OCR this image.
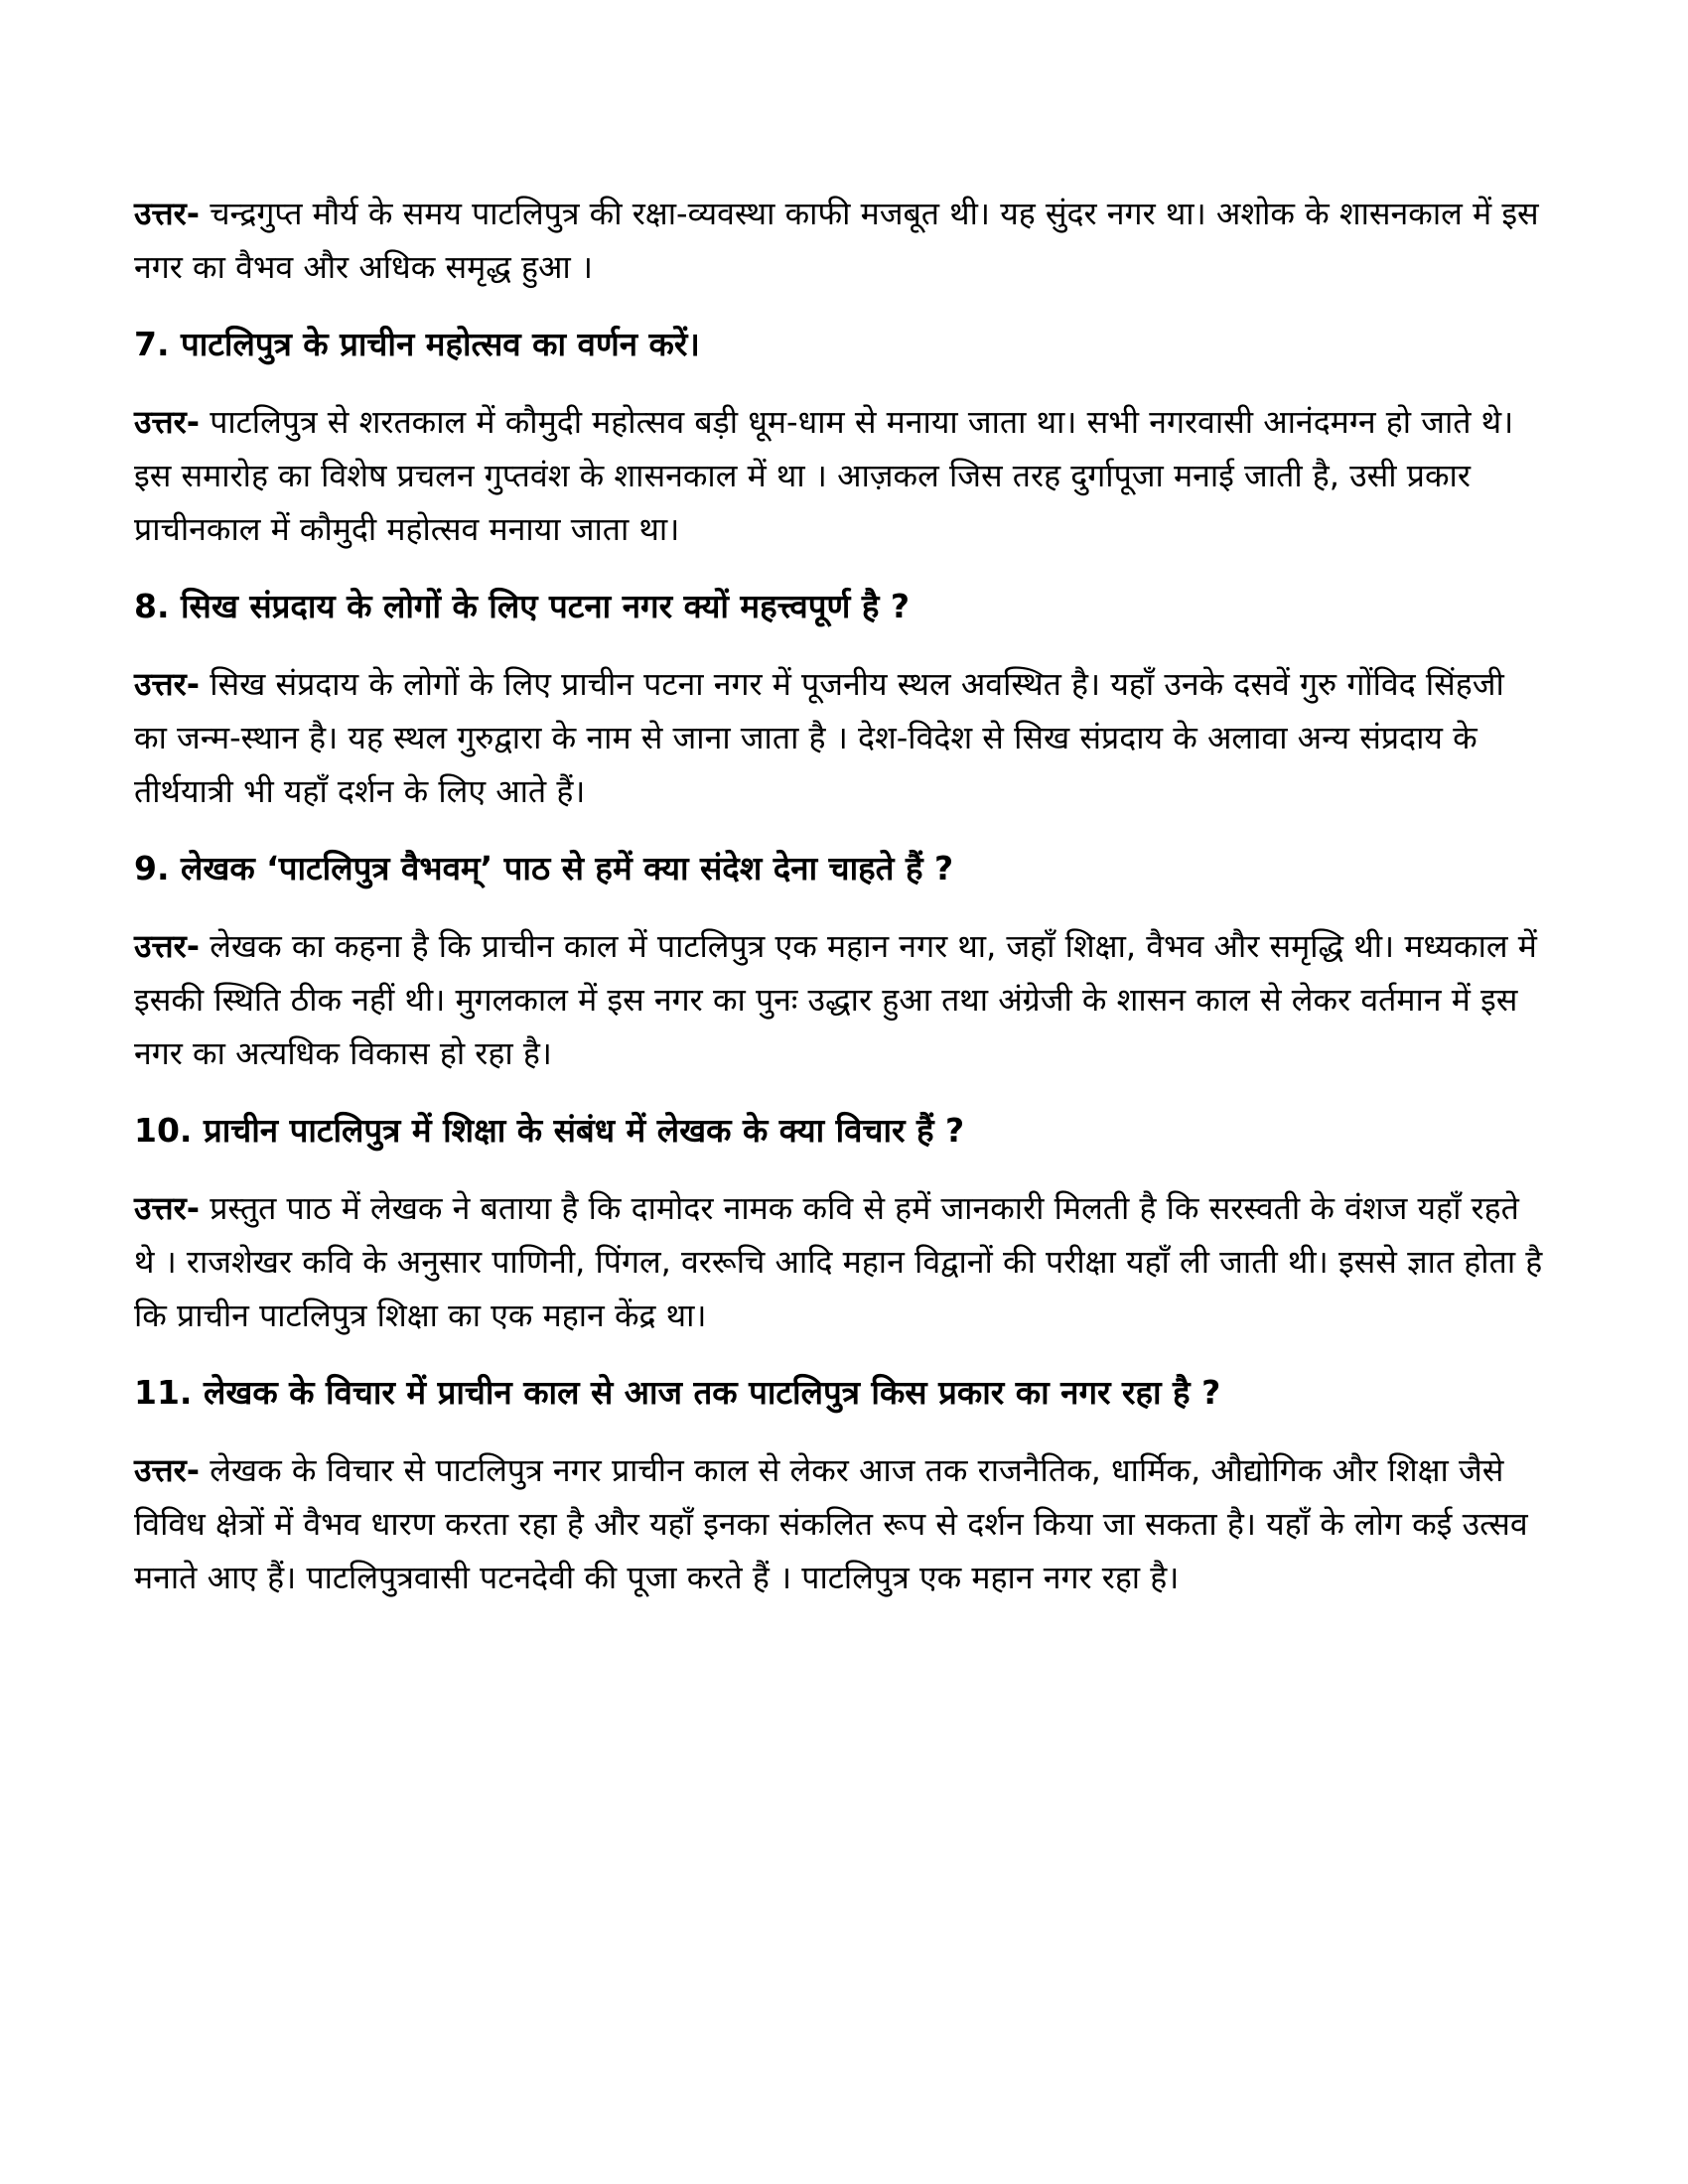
उत्तर- चन्द्रगुप्त मौर्य के समय पाटलिपुत्र की रक्षा-व्यवस्था काफी मजबूत थी। यह सुंदर नगर था। अशोक के शासनकाल में इस नगर का वैभव और अधिक समृद्ध हुआ ।

7. पाटलिपुत्र के प्राचीन महोत्सव का वर्णन करें।

उत्तर- पाटलिपुत्र से शरतकाल में कौमुदी महोत्सव बड़ी धूम-धाम से मनाया जाता था। सभी नगरवासी आनंदमग्न हो जाते थे। इस समारोह का विशेष प्रचलन गुप्तवंश के शासनकाल में था । आज़कल जिस तरह दुर्गापूजा मनाई जाती है, उसी प्रकार प्राचीनकाल में कौमुदी महोत्सव मनाया जाता था।

8. सिख संप्रदाय के लोगों के लिए पटना नगर क्यों महत्त्वपूर्ण है ?

उत्तर- सिख संप्रदाय के लोगों के लिए प्राचीन पटना नगर में पूजनीय स्थल अवस्थित है। यहाँ उनके दसवें गुरु गोंविद सिंहजी का जन्म-स्थान है। यह स्थल गुरुद्वारा के नाम से जाना जाता है । देश-विदेश से सिख संप्रदाय के अलावा अन्य संप्रदाय के तीर्थयात्री भी यहाँ दर्शन के लिए आते हैं।

9. लेखक ‘पाटलिपुत्र वैभवम्’ पाठ से हमें क्या संदेश देना चाहते हैं ?

उत्तर- लेखक का कहना है कि प्राचीन काल में पाटलिपुत्र एक महान नगर था, जहाँ शिक्षा, वैभव और समृद्धि थी। मध्यकाल में इसकी स्थिति ठीक नहीं थी। मुगलकाल में इस नगर का पुनः उद्धार हुआ तथा अंग्रेजी के शासन काल से लेकर वर्तमान में इस नगर का अत्यधिक विकास हो रहा है।

10. प्राचीन पाटलिपुत्र में शिक्षा के संबंध में लेखक के क्या विचार हैं ?

उत्तर- प्रस्तुत पाठ में लेखक ने बताया है कि दामोदर नामक कवि से हमें जानकारी मिलती है कि सरस्वती के वंशज यहाँ रहते थे । राजशेखर कवि के अनुसार पाणिनी, पिंगल, वररूचि आदि महान विद्वानों की परीक्षा यहाँ ली जाती थी। इससे ज्ञात होता है कि प्राचीन पाटलिपुत्र शिक्षा का एक महान केंद्र था।

11. लेखक के विचार में प्राचीन काल से आज तक पाटलिपुत्र किस प्रकार का नगर रहा है ?

उत्तर- लेखक के विचार से पाटलिपुत्र नगर प्राचीन काल से लेकर आज तक राजनैतिक, धार्मिक, औद्योगिक और शिक्षा जैसे विविध क्षेत्रों में वैभव धारण करता रहा है और यहाँ इनका संकलित रूप से दर्शन किया जा सकता है। यहाँ के लोग कई उत्सव मनाते आए हैं। पाटलिपुत्रवासी पटनदेवी की पूजा करते हैं । पाटलिपुत्र एक महान नगर रहा है।
